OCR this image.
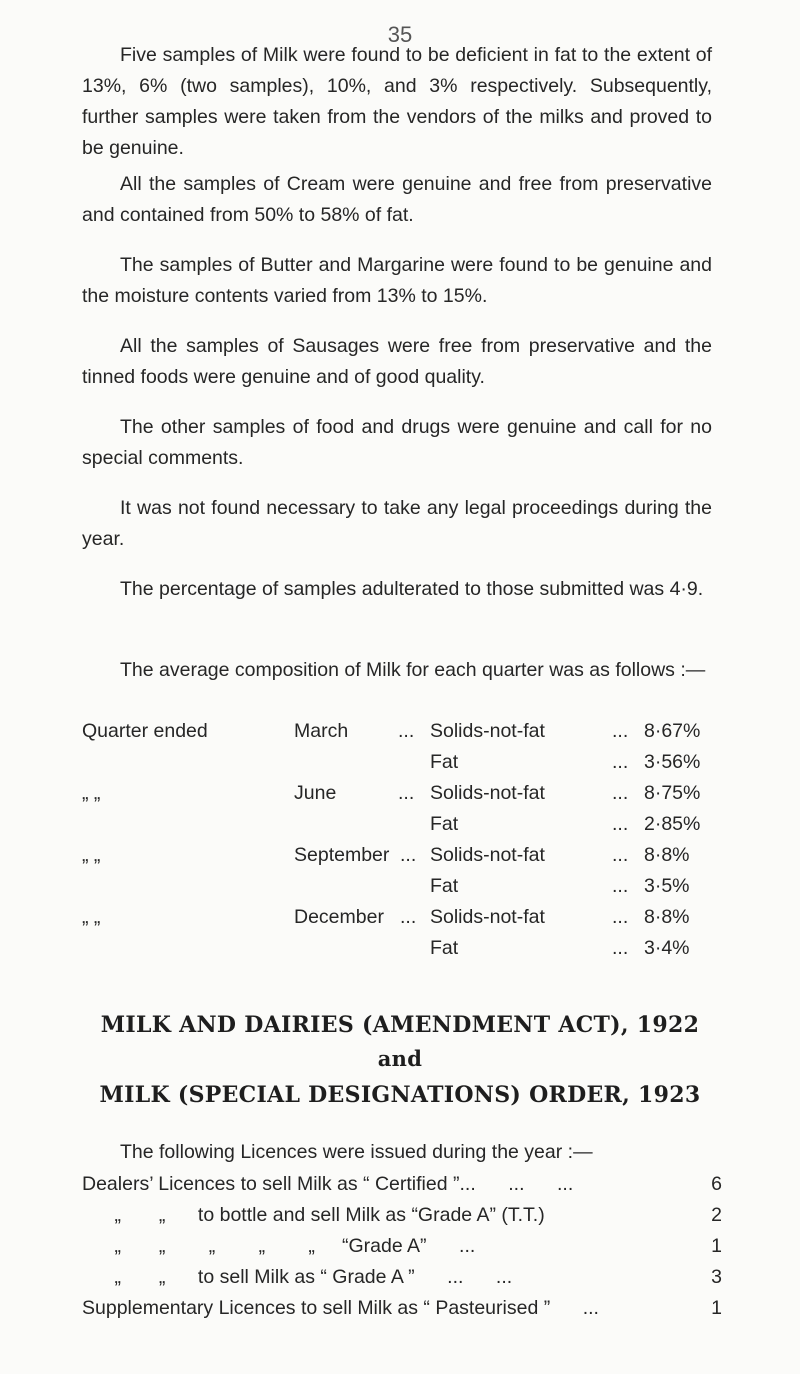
35

Five samples of Milk were found to be deficient in fat to the extent of 13%, 6% (two samples), 10%, and 3% respectively. Subsequently, further samples were taken from the vendors of the milks and proved to be genuine.

All the samples of Cream were genuine and free from preservative and contained from 50% to 58% of fat.

The samples of Butter and Margarine were found to be genuine and the moisture contents varied from 13% to 15%.

All the samples of Sausages were free from preservative and the tinned foods were genuine and of good quality.

The other samples of food and drugs were genuine and call for no special comments.

It was not found necessary to take any legal proceedings during the year.

The percentage of samples adulterated to those submitted was 4·9.

The average composition of Milk for each quarter was as follows :—

Quarter ended	March	... Solids-not-fat	... 8·67%
Fat	... 3·56%
„ „	June	... Solids-not-fat	... 8·75%
Fat	... 2·85%
„ „	September ... Solids-not-fat	... 8·8%
Fat	... 3·5%
„ „	December ... Solids-not-fat	... 8·8%
Fat	... 3·4%
MILK AND DAIRIES (AMENDMENT ACT), 1922
and
MILK (SPECIAL DESIGNATIONS) ORDER, 1923
The following Licences were issued during the year :—
Dealers’ Licences to sell Milk as “ Certified ”...      ...      ...	6
„       „      to bottle and sell Milk as “Grade A” (T.T.)	2
„       „        „        „        „     “Grade A”      ...	1
„       „      to sell Milk as “ Grade A ”      ...      ...	3
Supplementary Licences to sell Milk as “ Pasteurised ”      ...	1
